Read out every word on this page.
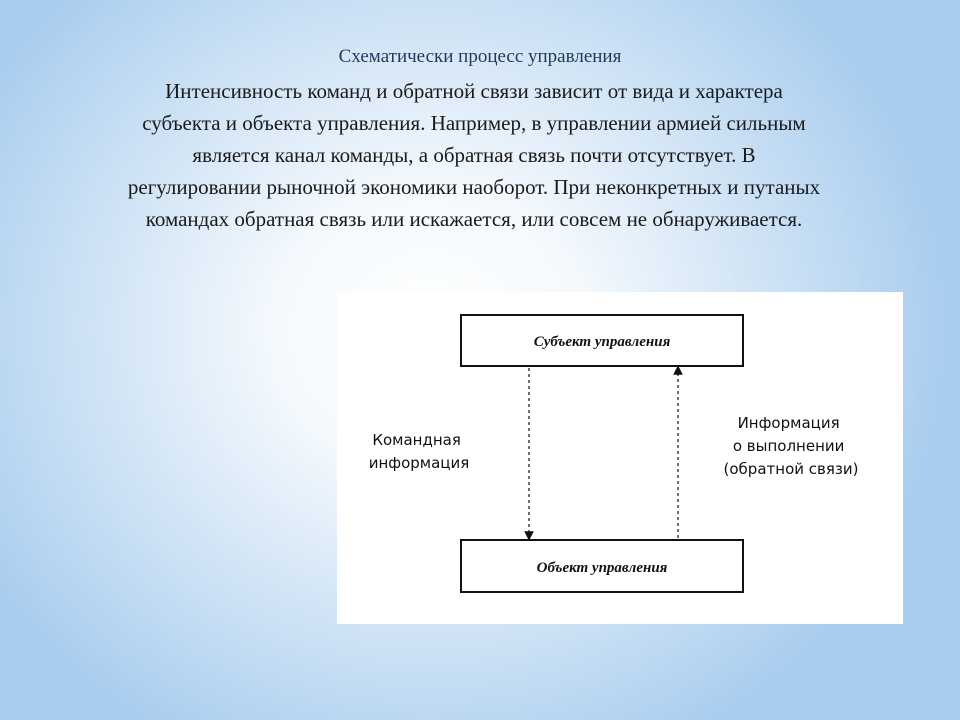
Схематически процесс управления
Интенсивность команд и обратной связи зависит от вида и характера
субъекта и объекта управления. Например, в управлении армией сильным
является канал команды, а обратная связь почти отсутствует. В
регулировании рыночной экономики наоборот. При неконкретных и путаных
командах обратная связь или искажается, или совсем не обнаруживается.
Субъект управления
Объект управления
Командная информация
Информация о выполнении (обратной связи)
